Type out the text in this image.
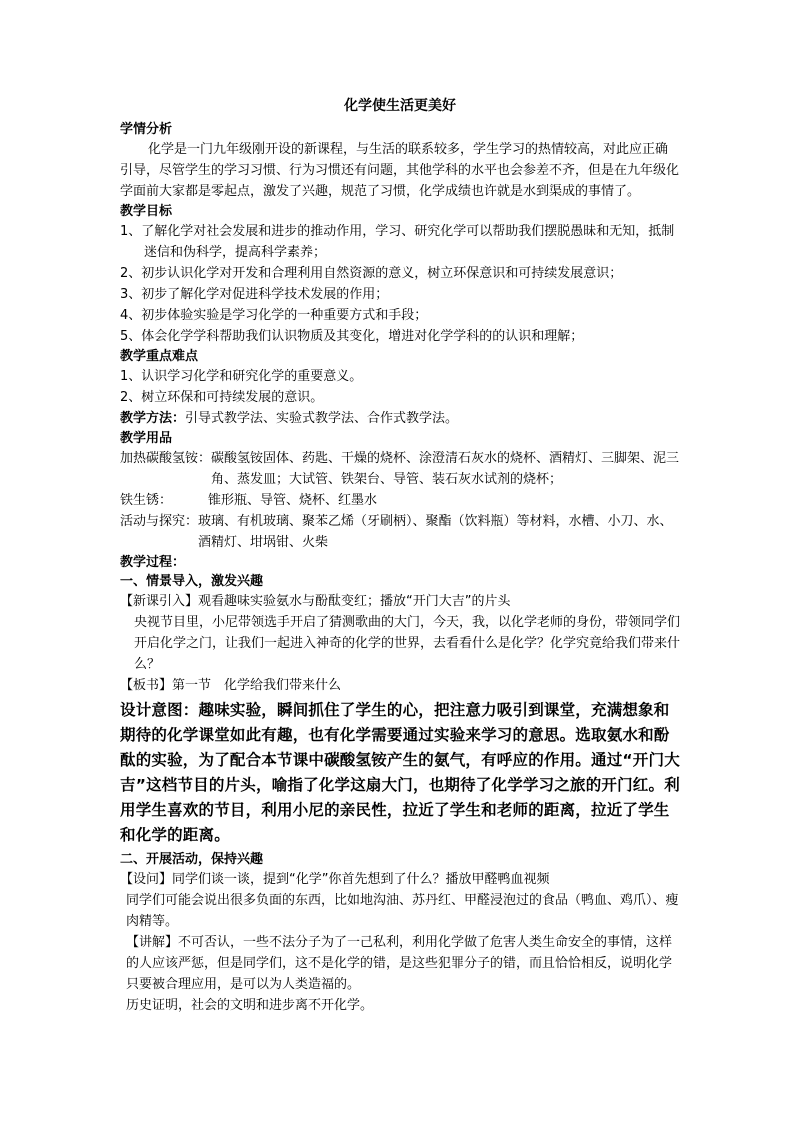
化学使生活更美好

学情分析

化学是一门九年级刚开设的新课程，与生活的联系较多，学生学习的热情较高，对此应正确引导，尽管学生的学习习惯、行为习惯还有问题，其他学科的水平也会参差不齐，但是在九年级化学面前大家都是零起点，激发了兴趣，规范了习惯，化学成绩也许就是水到渠成的事情了。

教学目标

1、了解化学对社会发展和进步的推动作用，学习、研究化学可以帮助我们摆脱愚昧和无知，抵制迷信和伪科学，提高科学素养；

2、初步认识化学对开发和合理利用自然资源的意义，树立环保意识和可持续发展意识；

3、初步了解化学对促进科学技术发展的作用；

4、初步体验实验是学习化学的一种重要方式和手段；

5、体会化学学科帮助我们认识物质及其变化，增进对化学学科的的认识和理解；

教学重点难点

1、认识学习化学和研究化学的重要意义。

2、树立环保和可持续发展的意识。

教学方法：引导式教学法、实验式教学法、合作式教学法。

教学用品

加热碳酸氢铵： 碳酸氢铵固体、药匙、干燥的烧杯、涂澄清石灰水的烧杯、酒精灯、三脚架、泥三角、蒸发皿；大试管、铁架台、导管、装石灰水试剂的烧杯；
铁生锈：	锥形瓶、导管、烧杯、红墨水
活动与探究： 玻璃、有机玻璃、聚苯乙烯（牙刷柄）、聚酯（饮料瓶）等材料，水槽、小刀、水、酒精灯、坩埚钳、火柴

教学过程：

一、情景导入，激发兴趣

【新课引入】观看趣味实验氨水与酚酞变红；播放“开门大吉”的片头

央视节目里，小尼带领选手开启了猜测歌曲的大门，今天，我，以化学老师的身份，带领同学们开启化学之门，让我们一起进入神奇的化学的世界，去看看什么是化学？化学究竟给我们带来什么？

【板书】第一节　化学给我们带来什么

设计意图：趣味实验，瞬间抓住了学生的心，把注意力吸引到课堂，充满想象和期待的化学课堂如此有趣，也有化学需要通过实验来学习的意思。选取氨水和酚酞的实验，为了配合本节课中碳酸氢铵产生的氨气，有呼应的作用。通过“开门大吉”这档节目的片头，喻指了化学这扇大门，也期待了化学学习之旅的开门红。利用学生喜欢的节目，利用小尼的亲民性，拉近了学生和老师的距离，拉近了学生和化学的距离。

二、开展活动，保持兴趣

【设问】同学们谈一谈，提到“化学”你首先想到了什么？播放甲醛鸭血视频

同学们可能会说出很多负面的东西，比如地沟油、苏丹红、甲醛浸泡过的食品（鸭血、鸡爪）、瘦肉精等。

【讲解】不可否认，一些不法分子为了一己私利，利用化学做了危害人类生命安全的事情，这样的人应该严惩，但是同学们，这不是化学的错，是这些犯罪分子的错，而且恰恰相反，说明化学只要被合理应用，是可以为人类造福的。

历史证明，社会的文明和进步离不开化学。
